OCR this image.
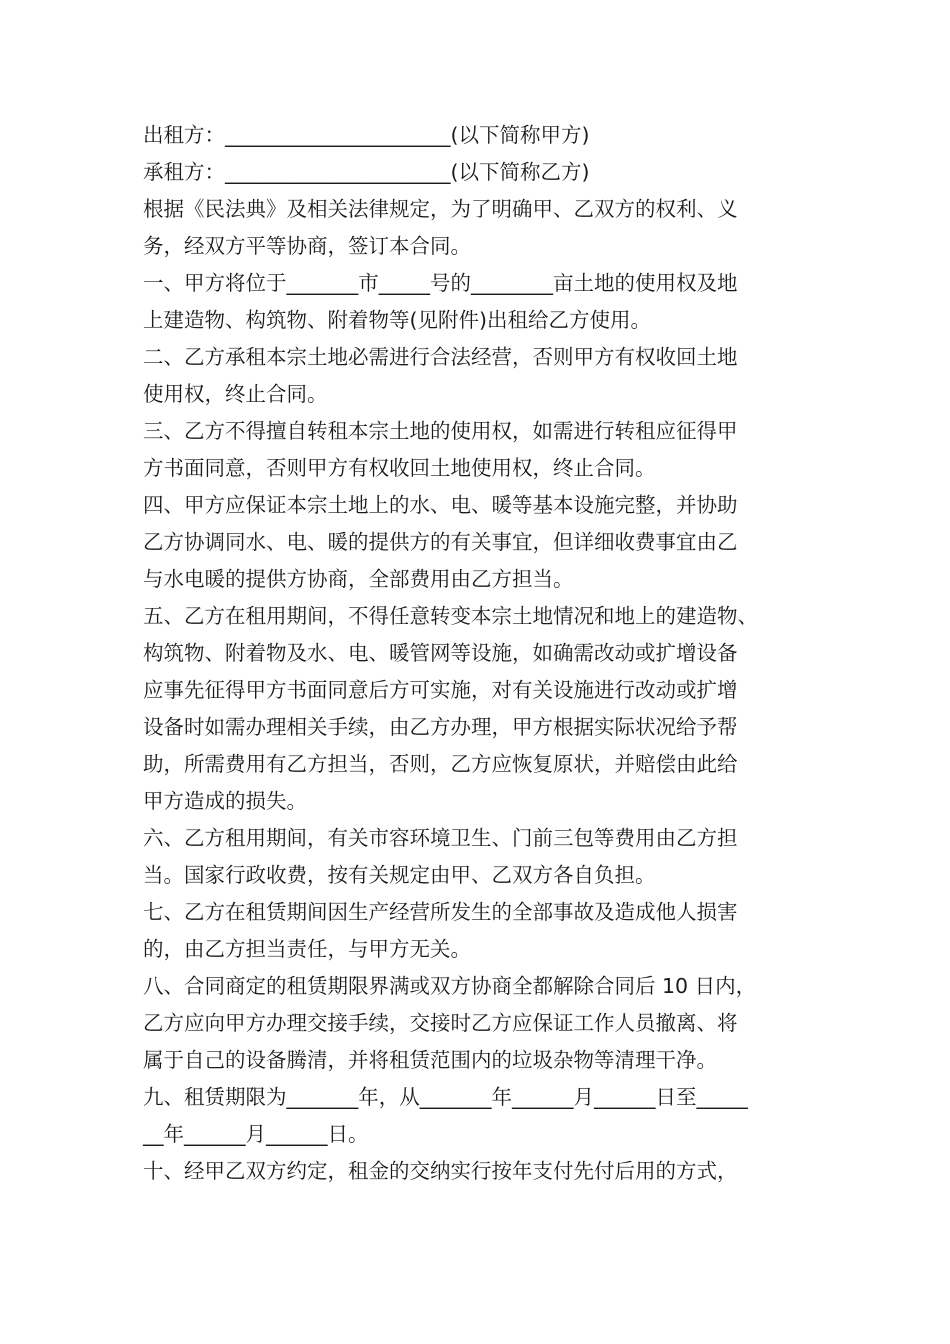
出租方：______________________(以下简称甲方)
承租方：______________________(以下简称乙方)
根据《民法典》及相关法律规定，为了明确甲、乙双方的权利、义
务，经双方平等协商，签订本合同。
一、甲方将位于_______市_____号的________亩土地的使用权及地
上建造物、构筑物、附着物等(见附件)出租给乙方使用。
二、乙方承租本宗土地必需进行合法经营，否则甲方有权收回土地
使用权，终止合同。
三、乙方不得擅自转租本宗土地的使用权，如需进行转租应征得甲
方书面同意，否则甲方有权收回土地使用权，终止合同。
四、甲方应保证本宗土地上的水、电、暖等基本设施完整，并协助
乙方协调同水、电、暖的提供方的有关事宜，但详细收费事宜由乙
与水电暖的提供方协商，全部费用由乙方担当。
五、乙方在租用期间，不得任意转变本宗土地情况和地上的建造物、
构筑物、附着物及水、电、暖管网等设施，如确需改动或扩增设备
应事先征得甲方书面同意后方可实施，对有关设施进行改动或扩增
设备时如需办理相关手续，由乙方办理，甲方根据实际状况给予帮
助，所需费用有乙方担当，否则，乙方应恢复原状，并赔偿由此给
甲方造成的损失。
六、乙方租用期间，有关市容环境卫生、门前三包等费用由乙方担
当。国家行政收费，按有关规定由甲、乙双方各自负担。
七、乙方在租赁期间因生产经营所发生的全部事故及造成他人损害
的，由乙方担当责任，与甲方无关。
八、合同商定的租赁期限界满或双方协商全都解除合同后 10 日内，
乙方应向甲方办理交接手续，交接时乙方应保证工作人员撤离、将
属于自己的设备腾清，并将租赁范围内的垃圾杂物等清理干净。
九、租赁期限为_______年，从_______年______月______日至_____
__年______月______日。
十、经甲乙双方约定，租金的交纳实行按年支付先付后用的方式，
